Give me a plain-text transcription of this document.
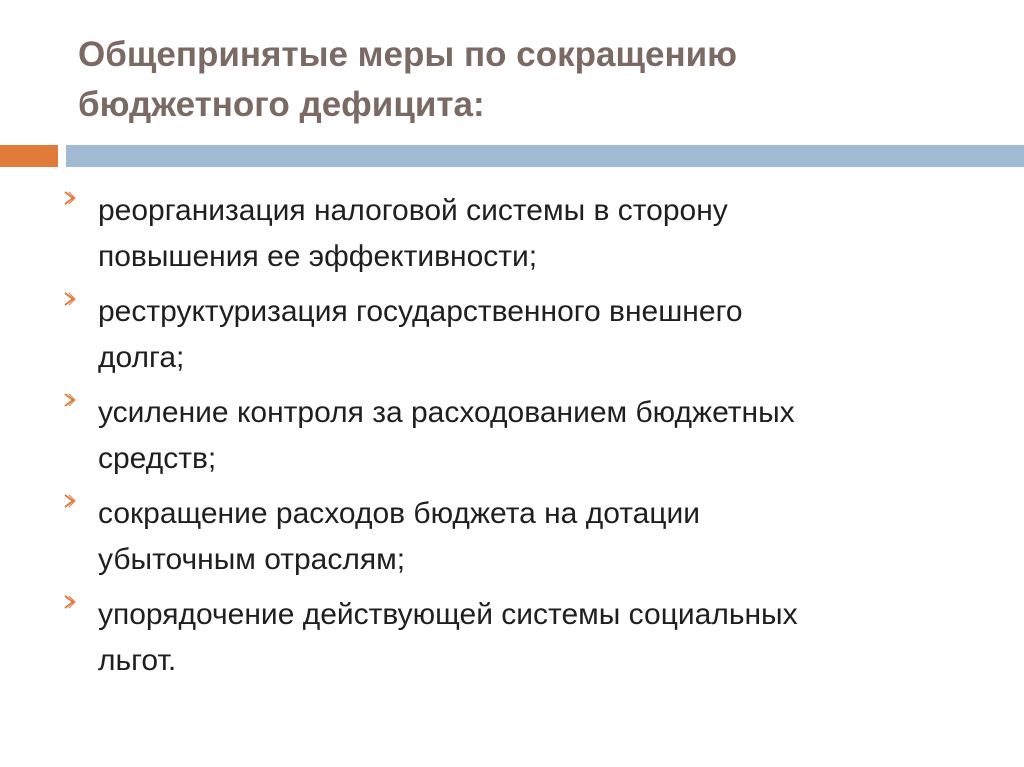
Общепринятые меры по сокращению
бюджетного дефицита:
реорганизация налоговой системы в сторону
повышения ее эффективности;
реструктуризация государственного внешнего
долга;
усиление контроля за расходованием бюджетных
средств;
сокращение расходов бюджета на дотации
убыточным отраслям;
упорядочение действующей системы социальных
льгот.
